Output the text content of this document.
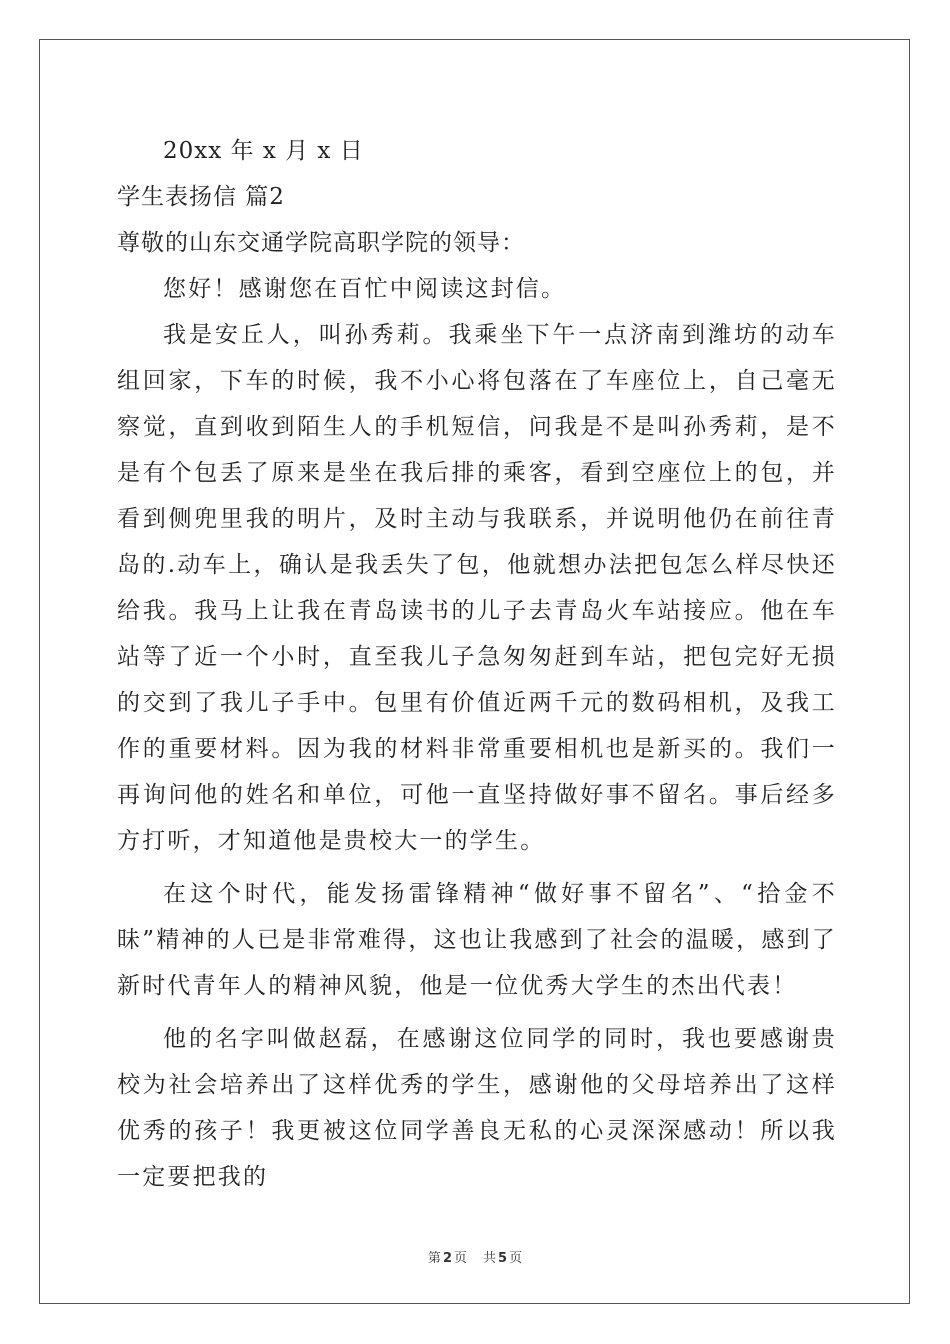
20xx 年 x 月 x 日
学生表扬信 篇2
尊敬的山东交通学院高职学院的领导：

您好！感谢您在百忙中阅读这封信。

我是安丘人，叫孙秀莉。我乘坐下午一点济南到潍坊的动车组回家，下车的时候，我不小心将包落在了车座位上，自己毫无察觉，直到收到陌生人的手机短信，问我是不是叫孙秀莉，是不是有个包丢了原来是坐在我后排的乘客，看到空座位上的包，并看到侧兜里我的明片，及时主动与我联系，并说明他仍在前往青岛的.动车上，确认是我丢失了包，他就想办法把包怎么样尽快还给我。我马上让我在青岛读书的儿子去青岛火车站接应。他在车站等了近一个小时，直至我儿子急匆匆赶到车站，把包完好无损的交到了我儿子手中。包里有价值近两千元的数码相机，及我工作的重要材料。因为我的材料非常重要相机也是新买的。我们一再询问他的姓名和单位，可他一直坚持做好事不留名。事后经多方打听，才知道他是贵校大一的学生。

在这个时代，能发扬雷锋精神“做好事不留名”、“拾金不昧”精神的人已是非常难得，这也让我感到了社会的温暖，感到了新时代青年人的精神风貌，他是一位优秀大学生的杰出代表！

他的名字叫做赵磊，在感谢这位同学的同时，我也要感谢贵校为社会培养出了这样优秀的学生，感谢他的父母培养出了这样优秀的孩子！我更被这位同学善良无私的心灵深深感动！所以我一定要把我的

第 2 页 共 5 页
